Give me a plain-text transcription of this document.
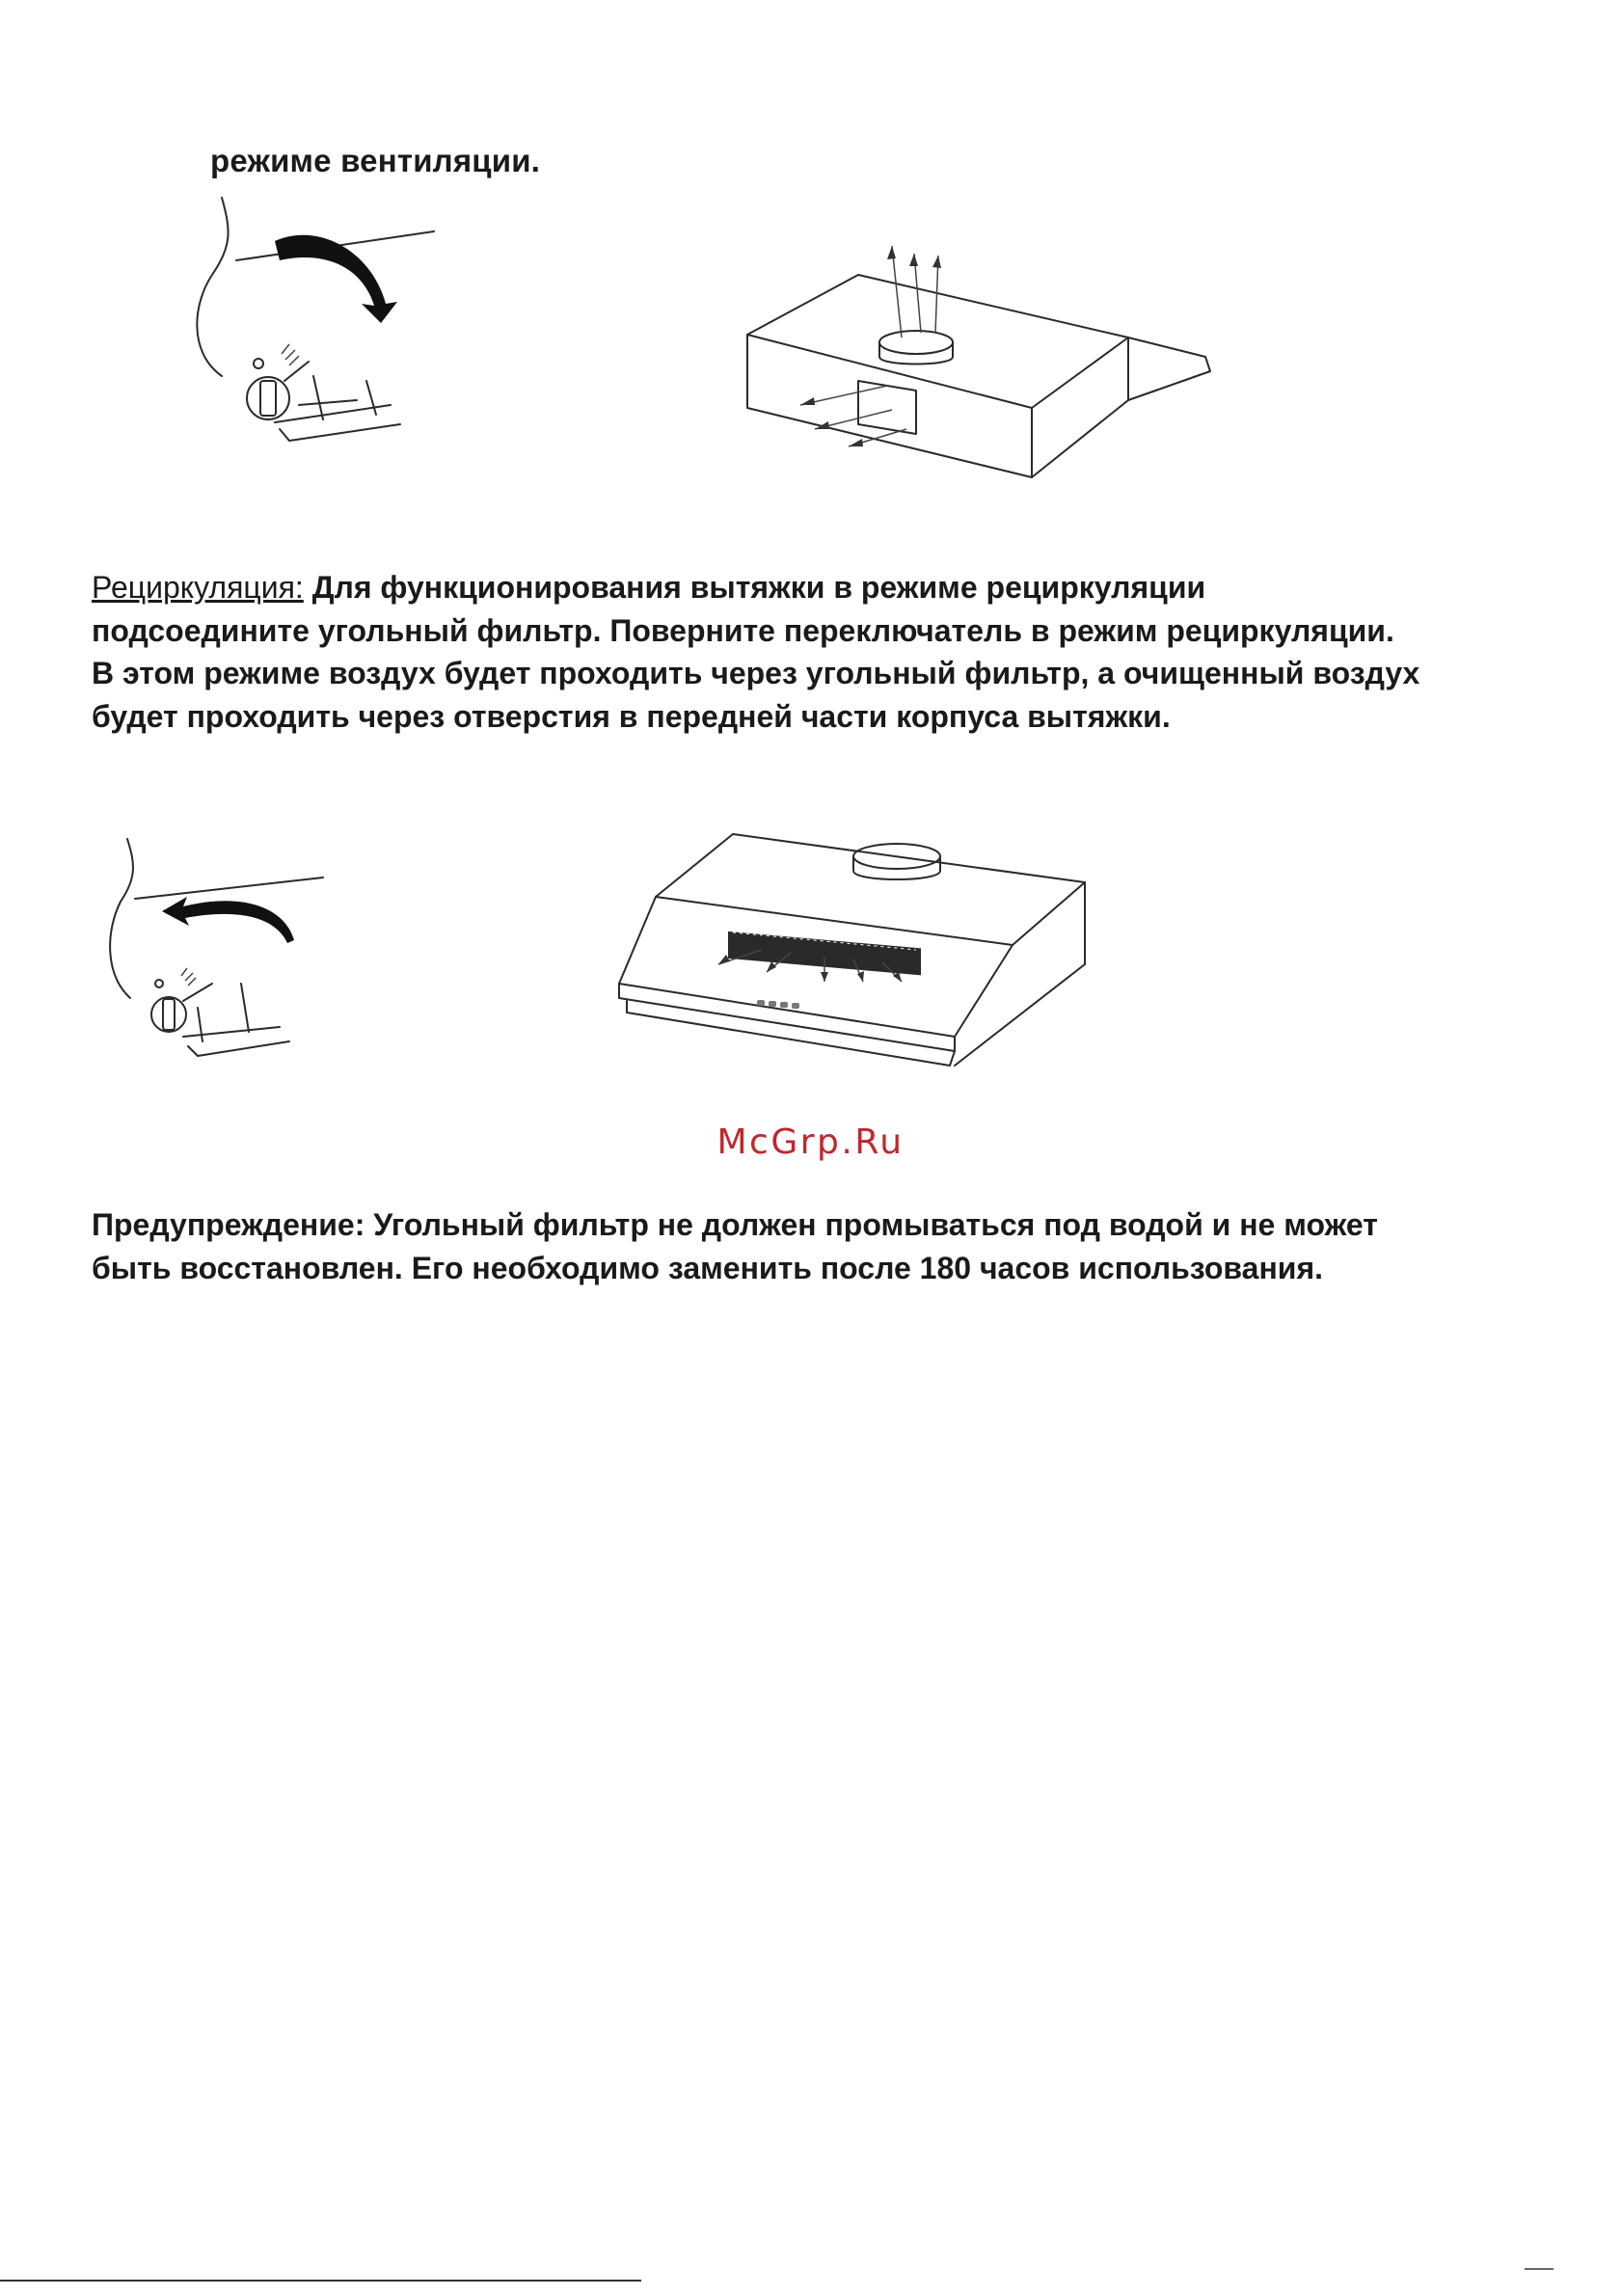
режиме вентиляции.
Рециркуляция: Для функционирования вытяжки в режиме рециркуляции подсоедините угольный фильтр. Поверните переключатель в режим рециркуляции. В этом режиме воздух будет проходить через угольный фильтр, а очищенный воздух будет проходить через отверстия в передней части корпуса вытяжки.
McGrp.Ru
Предупреждение: Угольный фильтр не должен промываться под водой и не может быть восстановлен. Его необходимо заменить после 180 часов использования.
